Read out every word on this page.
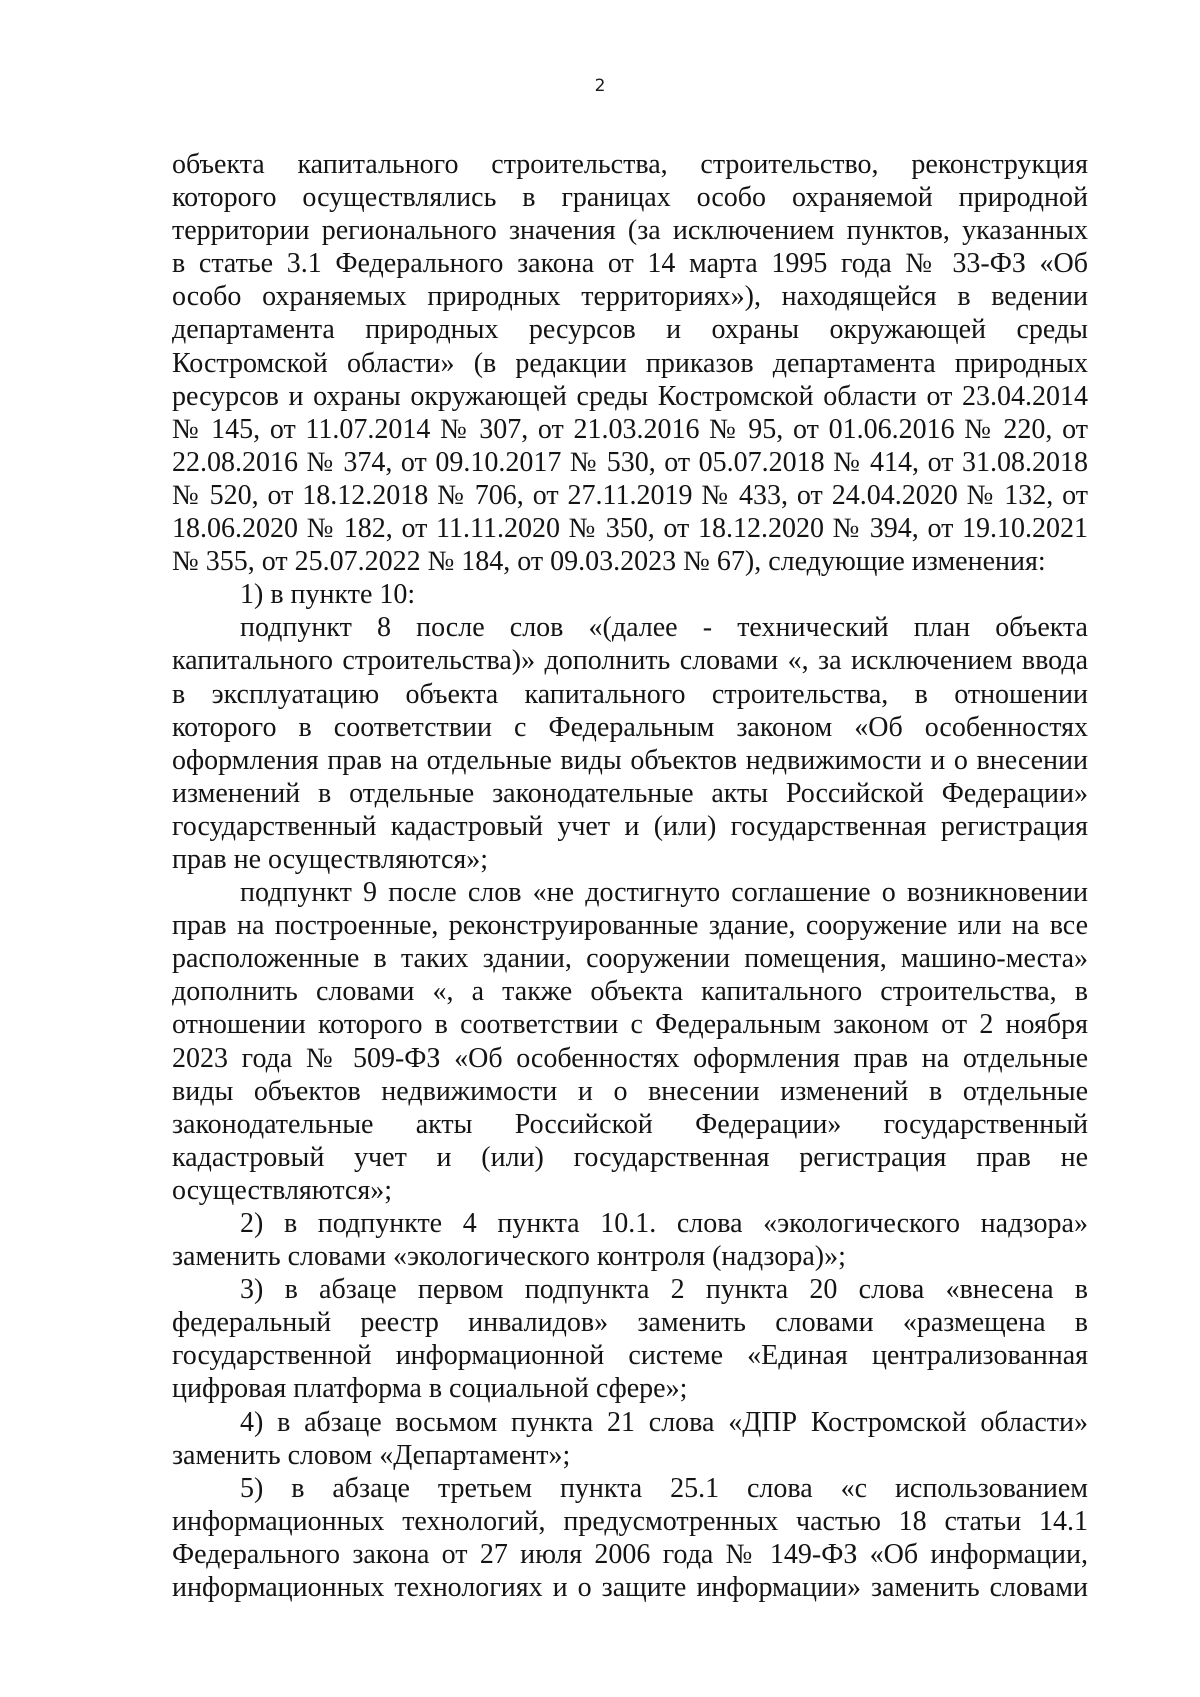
2
объекта капитального строительства, строительство, реконструкция
которого осуществлялись в границах особо охраняемой природной
территории регионального значения (за исключением пунктов, указанных
в статье 3.1 Федерального закона от 14 марта 1995 года № 33-ФЗ «Об
особо охраняемых природных территориях»), находящейся в ведении
департамента природных ресурсов и охраны окружающей среды
Костромской области» (в редакции приказов департамента природных
ресурсов и охраны окружающей среды Костромской области от 23.04.2014
№ 145, от 11.07.2014 № 307, от 21.03.2016 № 95, от 01.06.2016 № 220, от
22.08.2016 № 374, от 09.10.2017 № 530, от 05.07.2018 № 414, от 31.08.2018
№ 520, от 18.12.2018 № 706, от 27.11.2019 № 433, от 24.04.2020 № 132, от
18.06.2020 № 182, от 11.11.2020 № 350, от 18.12.2020 № 394, от 19.10.2021
№ 355, от 25.07.2022 № 184, от 09.03.2023 № 67), следующие изменения:
1) в пункте 10:
подпункт 8 после слов «(далее - технический план объекта
капитального строительства)» дополнить словами «, за исключением ввода
в эксплуатацию объекта капитального строительства, в отношении
которого в соответствии с Федеральным законом «Об особенностях
оформления прав на отдельные виды объектов недвижимости и о внесении
изменений в отдельные законодательные акты Российской Федерации»
государственный кадастровый учет и (или) государственная регистрация
прав не осуществляются»;
подпункт 9 после слов «не достигнуто соглашение о возникновении
прав на построенные, реконструированные здание, сооружение или на все
расположенные в таких здании, сооружении помещения, машино-места»
дополнить словами «, а также объекта капитального строительства, в
отношении которого в соответствии с Федеральным законом от 2 ноября
2023 года № 509-ФЗ «Об особенностях оформления прав на отдельные
виды объектов недвижимости и о внесении изменений в отдельные
законодательные акты Российской Федерации» государственный
кадастровый учет и (или) государственная регистрация прав не
осуществляются»;
2) в подпункте 4 пункта 10.1. слова «экологического надзора»
заменить словами «экологического контроля (надзора)»;
3) в абзаце первом подпункта 2 пункта 20 слова «внесена в
федеральный реестр инвалидов» заменить словами «размещена в
государственной информационной системе «Единая централизованная
цифровая платформа в социальной сфере»;
4) в абзаце восьмом пункта 21 слова «ДПР Костромской области»
заменить словом «Департамент»;
5) в абзаце третьем пункта 25.1 слова «с использованием
информационных технологий, предусмотренных частью 18 статьи 14.1
Федерального закона от 27 июля 2006 года № 149-ФЗ «Об информации,
информационных технологиях и о защите информации» заменить словами
